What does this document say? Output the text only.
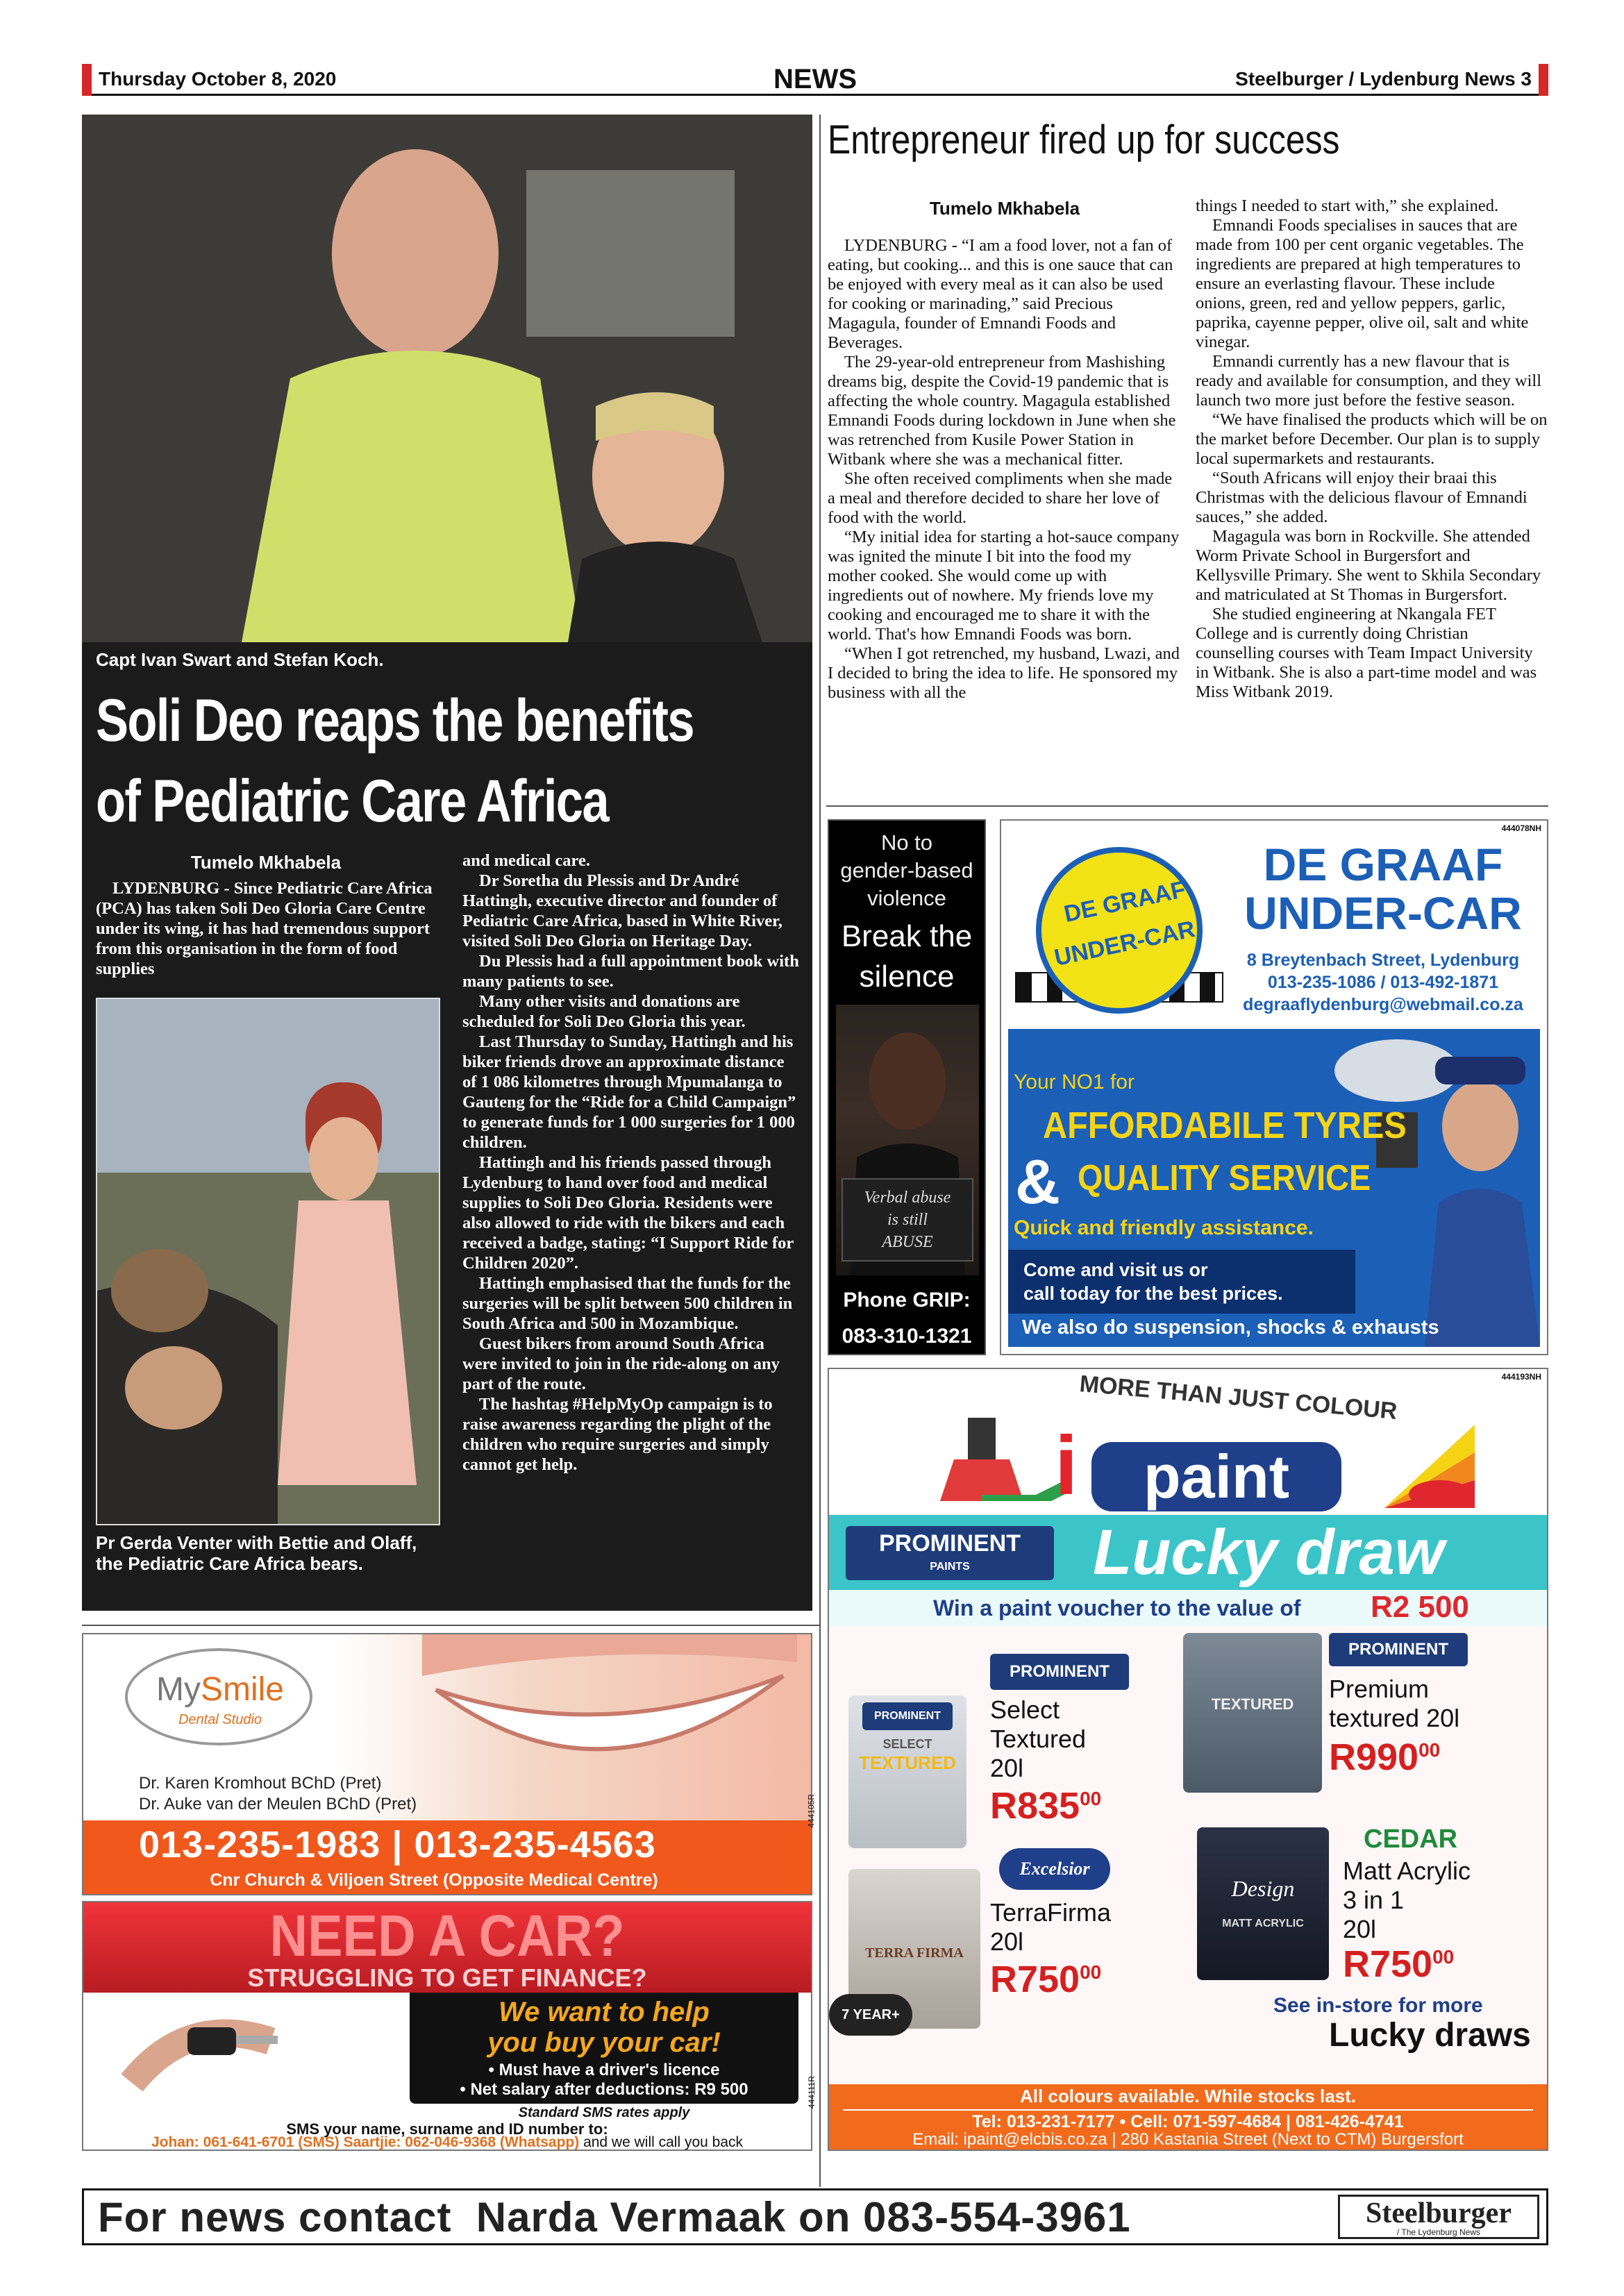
Thursday October 8, 2020	NEWS	Steelburger / Lydenburg News 3
Capt Ivan Swart and Stefan Koch.
Soli Deo reaps the benefits
of Pediatric Care Africa
Tumelo Mkhabela

LYDENBURG - Since Pediatric Care Africa (PCA) has taken Soli Deo Gloria Care Centre under its wing, it has had tremendous support from this organisation in the form of food supplies

Pr Gerda Venter with Bettie and Olaff, the Pediatric Care Africa bears.

and medical care.

Dr Soretha du Plessis and Dr André Hattingh, executive director and founder of Pediatric Care Africa, based in White River, visited Soli Deo Gloria on Heritage Day.

Du Plessis had a full appointment book with many patients to see.

Many other visits and donations are scheduled for Soli Deo Gloria this year.

Last Thursday to Sunday, Hattingh and his biker friends drove an approximate distance of 1 086 kilometres through Mpumalanga to Gauteng for the “Ride for a Child Campaign” to generate funds for 1 000 surgeries for 1 000 children.

Hattingh and his friends passed through Lydenburg to hand over food and medical supplies to Soli Deo Gloria. Residents were also allowed to ride with the bikers and each received a badge, stating: “I Support Ride for Children 2020”.

Hattingh emphasised that the funds for the surgeries will be split between 500 children in South Africa and 500 in Mozambique.

Guest bikers from around South Africa were invited to join in the ride-along on any part of the route.

The hashtag #HelpMyOp campaign is to raise awareness regarding the plight of the children who require surgeries and simply cannot get help.

Entrepreneur fired up for success
Tumelo Mkhabela

LYDENBURG - “I am a food lover, not a fan of eating, but cooking... and this is one sauce that can be enjoyed with every meal as it can also be used for cooking or marinading,” said Precious Magagula, founder of Emnandi Foods and Beverages.

The 29-year-old entrepreneur from Mashishing dreams big, despite the Covid-19 pandemic that is affecting the whole country. Magagula established Emnandi Foods during lockdown in June when she was retrenched from Kusile Power Station in Witbank where she was a mechanical fitter.

She often received compliments when she made a meal and therefore decided to share her love of food with the world.

“My initial idea for starting a hot-sauce company was ignited the minute I bit into the food my mother cooked. She would come up with ingredients out of nowhere. My friends love my cooking and encouraged me to share it with the world. That's how Emnandi Foods was born.

“When I got retrenched, my husband, Lwazi, and I decided to bring the idea to life. He sponsored my business with all the

things I needed to start with,” she explained.

Emnandi Foods specialises in sauces that are made from 100 per cent organic vegetables. The ingredients are prepared at high temperatures to ensure an everlasting flavour. These include onions, green, red and yellow peppers, garlic, paprika, cayenne pepper, olive oil, salt and white vinegar.

Emnandi currently has a new flavour that is ready and available for consumption, and they will launch two more just before the festive season.

“We have finalised the products which will be on the market before December. Our plan is to supply local supermarkets and restaurants.

“South Africans will enjoy their braai this Christmas with the delicious flavour of Emnandi sauces,” she added.

Magagula was born in Rockville. She attended Worm Private School in Burgersfort and Kellysville Primary. She went to Skhila Secondary and matriculated at St Thomas in Burgersfort.

She studied engineering at Nkangala FET College and is currently doing Christian counselling courses with Team Impact University in Witbank. She is also a part-time model and was Miss Witbank 2019.

No to
gender-based
violence
Break the
silence
Verbal abuse
is still
ABUSE
Phone GRIP:
083-310-1321
444078NH
DE GRAAF
UNDER-CAR
DE GRAAF
UNDER-CAR
8 Breytenbach Street, Lydenburg
013-235-1086 / 013-492-1871
degraaflydenburg@webmail.co.za
Your NO1 for
AFFORDABILE TYRES
& QUALITY SERVICE
Quick and friendly assistance.
Come and visit us or
call today for the best prices.
We also do suspension, shocks & exhausts
444193NH
MORE THAN JUST COLOUR
i	paint
PROMINENT
PAINTS	Lucky draw
Win a paint voucher to the value of R2 500
PROMINENT
SELECT
TEXTURED
PROMINENT
Select
Textured
20l
$R835^{00}$
TEXTURED
PROMINENT
Premium
textured 20l
$R990^{00}$
TERRA FIRMA
7 YEAR+
Excelsior
TerraFirma
20l
$R750^{00}$
Design
MATT ACRYLIC
CEDAR
Matt Acrylic
3 in 1
20l
$R750^{00}$
See in-store for more
Lucky draws
All colours available. While stocks last.
Tel: 013-231-7177 • Cell: 071-597-4684 | 081-426-4741
Email: ipaint@elcbis.co.za | 280 Kastania Street (Next to CTM) Burgersfort
MySmile
Dental Studio
Dr. Karen Kromhout BChD (Pret)
Dr. Auke van der Meulen BChD (Pret)
013-235-1983 | 013-235-4563
Cnr Church & Viljoen Street (Opposite Medical Centre)
444105R
NEED A CAR?
STRUGGLING TO GET FINANCE?
We want to help
you buy your car!
• Must have a driver's licence
• Net salary after deductions: R9 500
Standard SMS rates apply
SMS your name, surname and ID number to:
Johan: 061-641-6701 (SMS) Saartjie: 062-046-9368 (Whatsapp) and we will call you back
444111R
For news contact  Narda Vermaak on 083-554-3961	Steelburger
/ The Lydenburg News
